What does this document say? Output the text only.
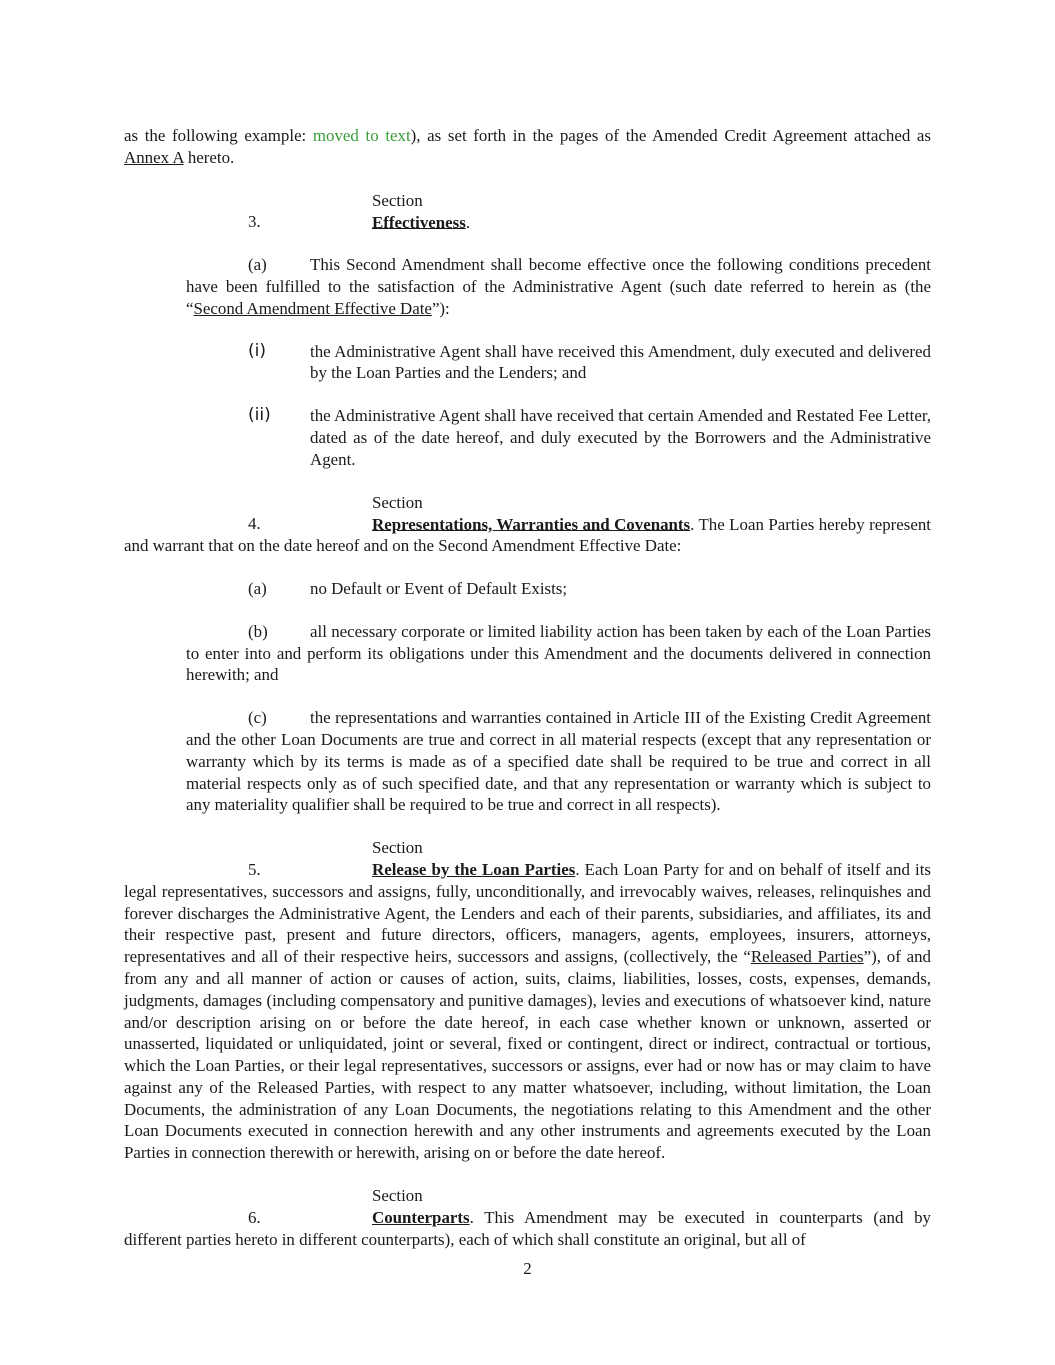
as the following example: moved to text), as set forth in the pages of the Amended Credit Agreement attached as Annex A hereto.

Section 3.	Effectiveness.

(a)	This Second Amendment shall become effective once the following conditions precedent have been fulfilled to the satisfaction of the Administrative Agent (such date referred to herein as (the “Second Amendment Effective Date”):

(i)	the Administrative Agent shall have received this Amendment, duly executed and delivered by the Loan Parties and the Lenders; and
(ii)	the Administrative Agent shall have received that certain Amended and Restated Fee Letter, dated as of the date hereof, and duly executed by the Borrowers and the Administrative Agent.

Section 4.	Representations, Warranties and Covenants. The Loan Parties hereby represent and warrant that on the date hereof and on the Second Amendment Effective Date:

(a)	no Default or Event of Default Exists;

(b)	all necessary corporate or limited liability action has been taken by each of the Loan Parties to enter into and perform its obligations under this Amendment and the documents delivered in connection herewith; and

(c)	the representations and warranties contained in Article III of the Existing Credit Agreement and the other Loan Documents are true and correct in all material respects (except that any representation or warranty which by its terms is made as of a specified date shall be required to be true and correct in all material respects only as of such specified date, and that any representation or warranty which is subject to any materiality qualifier shall be required to be true and correct in all respects).

Section 5.	Release by the Loan Parties. Each Loan Party for and on behalf of itself and its legal representatives, successors and assigns, fully, unconditionally, and irrevocably waives, releases, relinquishes and forever discharges the Administrative Agent, the Lenders and each of their parents, subsidiaries, and affiliates, its and their respective past, present and future directors, officers, managers, agents, employees, insurers, attorneys, representatives and all of their respective heirs, successors and assigns, (collectively, the “Released Parties”), of and from any and all manner of action or causes of action, suits, claims, liabilities, losses, costs, expenses, demands, judgments, damages (including compensatory and punitive damages), levies and executions of whatsoever kind, nature and/or description arising on or before the date hereof, in each case whether known or unknown, asserted or unasserted, liquidated or unliquidated, joint or several, fixed or contingent, direct or indirect, contractual or tortious, which the Loan Parties, or their legal representatives, successors or assigns, ever had or now has or may claim to have against any of the Released Parties, with respect to any matter whatsoever, including, without limitation, the Loan Documents, the administration of any Loan Documents, the negotiations relating to this Amendment and the other Loan Documents executed in connection herewith and any other instruments and agreements executed by the Loan Parties in connection therewith or herewith, arising on or before the date hereof.

Section 6.	Counterparts. This Amendment may be executed in counterparts (and by different parties hereto in different counterparts), each of which shall constitute an original, but all of

2
